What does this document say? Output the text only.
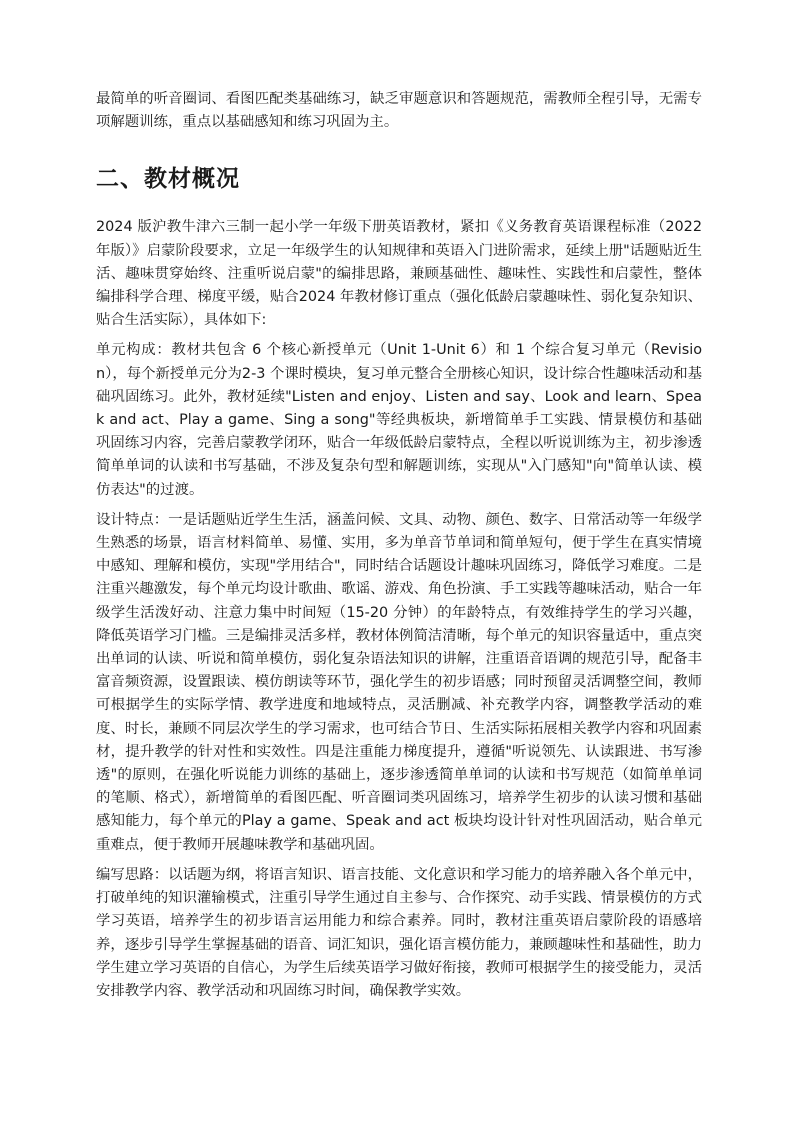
最简单的听音圈词、看图匹配类基础练习，缺乏审题意识和答题规范，需教师全程引导，无需专项解题训练，重点以基础感知和练习巩固为主。

二、教材概况

2024 版沪教牛津六三制一起小学一年级下册英语教材，紧扣《义务教育英语课程标准（2022 年版）》启蒙阶段要求，立足一年级学生的认知规律和英语入门进阶需求，延续上册"话题贴近生活、趣味贯穿始终、注重听说启蒙"的编排思路，兼顾基础性、趣味性、实践性和启蒙性，整体编排科学合理、梯度平缓，贴合2024 年教材修订重点（强化低龄启蒙趣味性、弱化复杂知识、贴合生活实际），具体如下:

单元构成：教材共包含 6 个核心新授单元（Unit 1-Unit 6）和 1 个综合复习单元（Revision），每个新授单元分为2-3 个课时模块，复习单元整合全册核心知识，设计综合性趣味活动和基础巩固练习。此外，教材延续"Listen and enjoy、Listen and say、Look and learn、Speak and act、Play a game、Sing a song"等经典板块，新增简单手工实践、情景模仿和基础巩固练习内容，完善启蒙教学闭环，贴合一年级低龄启蒙特点，全程以听说训练为主，初步渗透简单单词的认读和书写基础，不涉及复杂句型和解题训练，实现从"入门感知"向"简单认读、模仿表达"的过渡。

设计特点：一是话题贴近学生生活，涵盖问候、文具、动物、颜色、数字、日常活动等一年级学生熟悉的场景，语言材料简单、易懂、实用，多为单音节单词和简单短句，便于学生在真实情境中感知、理解和模仿，实现"学用结合"，同时结合话题设计趣味巩固练习，降低学习难度。二是注重兴趣激发，每个单元均设计歌曲、歌谣、游戏、角色扮演、手工实践等趣味活动，贴合一年级学生活泼好动、注意力集中时间短（15-20 分钟）的年龄特点，有效维持学生的学习兴趣，降低英语学习门槛。三是编排灵活多样，教材体例简洁清晰，每个单元的知识容量适中，重点突出单词的认读、听说和简单模仿，弱化复杂语法知识的讲解，注重语音语调的规范引导，配备丰富音频资源，设置跟读、模仿朗读等环节，强化学生的初步语感；同时预留灵活调整空间，教师可根据学生的实际学情、教学进度和地域特点，灵活删减、补充教学内容，调整教学活动的难度、时长，兼顾不同层次学生的学习需求，也可结合节日、生活实际拓展相关教学内容和巩固素材，提升教学的针对性和实效性。四是注重能力梯度提升，遵循"听说领先、认读跟进、书写渗透"的原则，在强化听说能力训练的基础上，逐步渗透简单单词的认读和书写规范（如简单单词的笔顺、格式），新增简单的看图匹配、听音圈词类巩固练习，培养学生初步的认读习惯和基础感知能力，每个单元的Play a game、Speak and act 板块均设计针对性巩固活动，贴合单元重难点，便于教师开展趣味教学和基础巩固。

编写思路：以话题为纲，将语言知识、语言技能、文化意识和学习能力的培养融入各个单元中，打破单纯的知识灌输模式，注重引导学生通过自主参与、合作探究、动手实践、情景模仿的方式学习英语，培养学生的初步语言运用能力和综合素养。同时，教材注重英语启蒙阶段的语感培养，逐步引导学生掌握基础的语音、词汇知识，强化语言模仿能力，兼顾趣味性和基础性，助力学生建立学习英语的自信心，为学生后续英语学习做好衔接，教师可根据学生的接受能力，灵活安排教学内容、教学活动和巩固练习时间，确保教学实效。
